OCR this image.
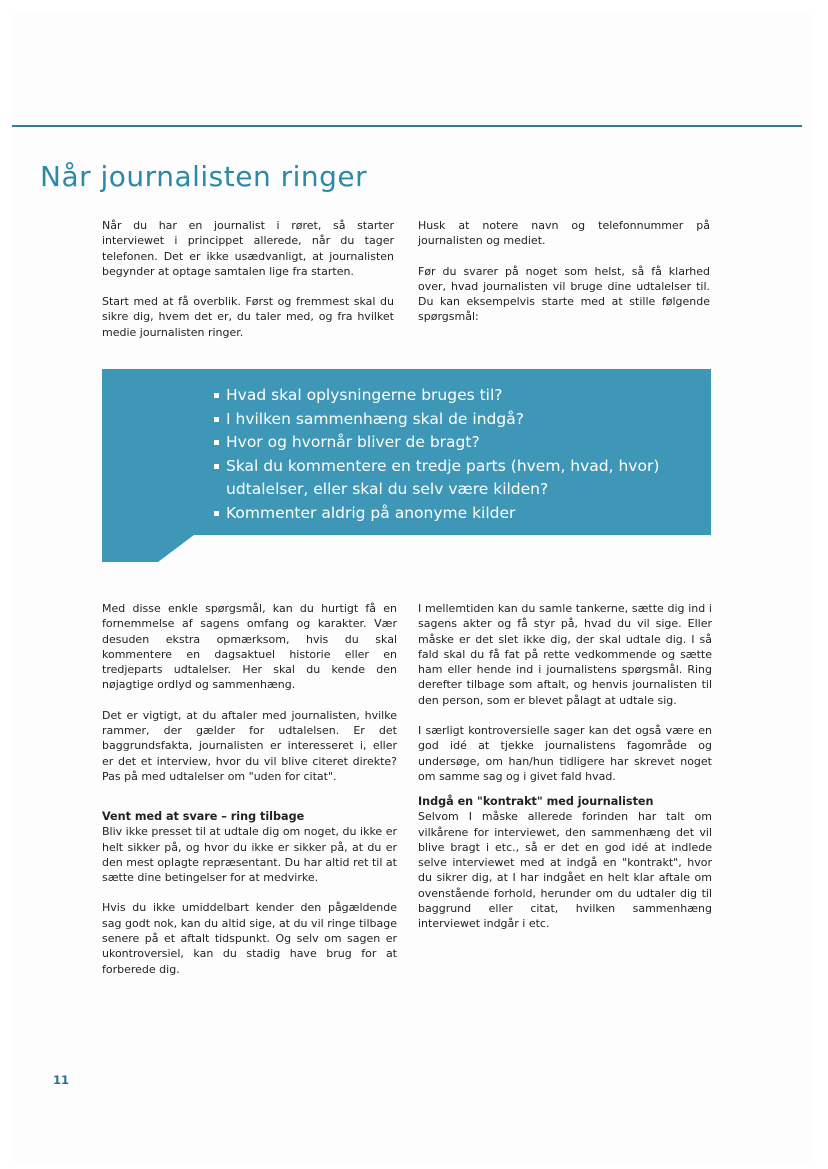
Når journalisten ringer

Når du har en journalist i røret, så starter interviewet i princippet allerede, når du tager telefonen. Det er ikke usædvanligt, at journalisten begynder at optage samtalen lige fra starten.

Start med at få overblik. Først og fremmest skal du sikre dig, hvem det er, du taler med, og fra hvilket medie journalisten ringer.

Husk at notere navn og telefonnummer på journalisten og mediet.

Før du svarer på noget som helst, så få klarhed over, hvad journalisten vil bruge dine udtalelser til. Du kan eksempelvis starte med at stille følgende spørgsmål:

Hvad skal oplysningerne bruges til?
I hvilken sammenhæng skal de indgå?
Hvor og hvornår bliver de bragt?
Skal du kommentere en tredje parts (hvem, hvad, hvor) udtalelser, eller skal du selv være kilden?
Kommenter aldrig på anonyme kilder

Med disse enkle spørgsmål, kan du hurtigt få en fornemmelse af sagens omfang og karakter. Vær desuden ekstra opmærksom, hvis du skal kommentere en dagsaktuel historie eller en tredjeparts udtalelser. Her skal du kende den nøjagtige ordlyd og sammenhæng.

Det er vigtigt, at du aftaler med journalisten, hvilke rammer, der gælder for udtalelsen. Er det baggrundsfakta, journalisten er interesseret i, eller er det et interview, hvor du vil blive citeret direkte? Pas på med udtalelser om "uden for citat".

Vent med at svare – ring tilbage

Bliv ikke presset til at udtale dig om noget, du ikke er helt sikker på, og hvor du ikke er sikker på, at du er den mest oplagte repræsentant. Du har altid ret til at sætte dine betingelser for at medvirke.

Hvis du ikke umiddelbart kender den pågældende sag godt nok, kan du altid sige, at du vil ringe tilbage senere på et aftalt tidspunkt. Og selv om sagen er ukontroversiel, kan du stadig have brug for at forberede dig.

I mellemtiden kan du samle tankerne, sætte dig ind i sagens akter og få styr på, hvad du vil sige. Eller måske er det slet ikke dig, der skal udtale dig. I så fald skal du få fat på rette vedkommende og sætte ham eller hende ind i journalistens spørgsmål. Ring derefter tilbage som aftalt, og henvis journalisten til den person, som er blevet pålagt at udtale sig.

I særligt kontroversielle sager kan det også være en god idé at tjekke journalistens fagområde og undersøge, om han/hun tidligere har skrevet noget om samme sag og i givet fald hvad.

Indgå en "kontrakt" med journalisten

Selvom I måske allerede forinden har talt om vilkårene for interviewet, den sammenhæng det vil blive bragt i etc., så er det en god idé at indlede selve interviewet med at indgå en "kontrakt", hvor du sikrer dig, at I har indgået en helt klar aftale om ovenstående forhold, herunder om du udtaler dig til baggrund eller citat, hvilken sammenhæng interviewet indgår i etc.

11
